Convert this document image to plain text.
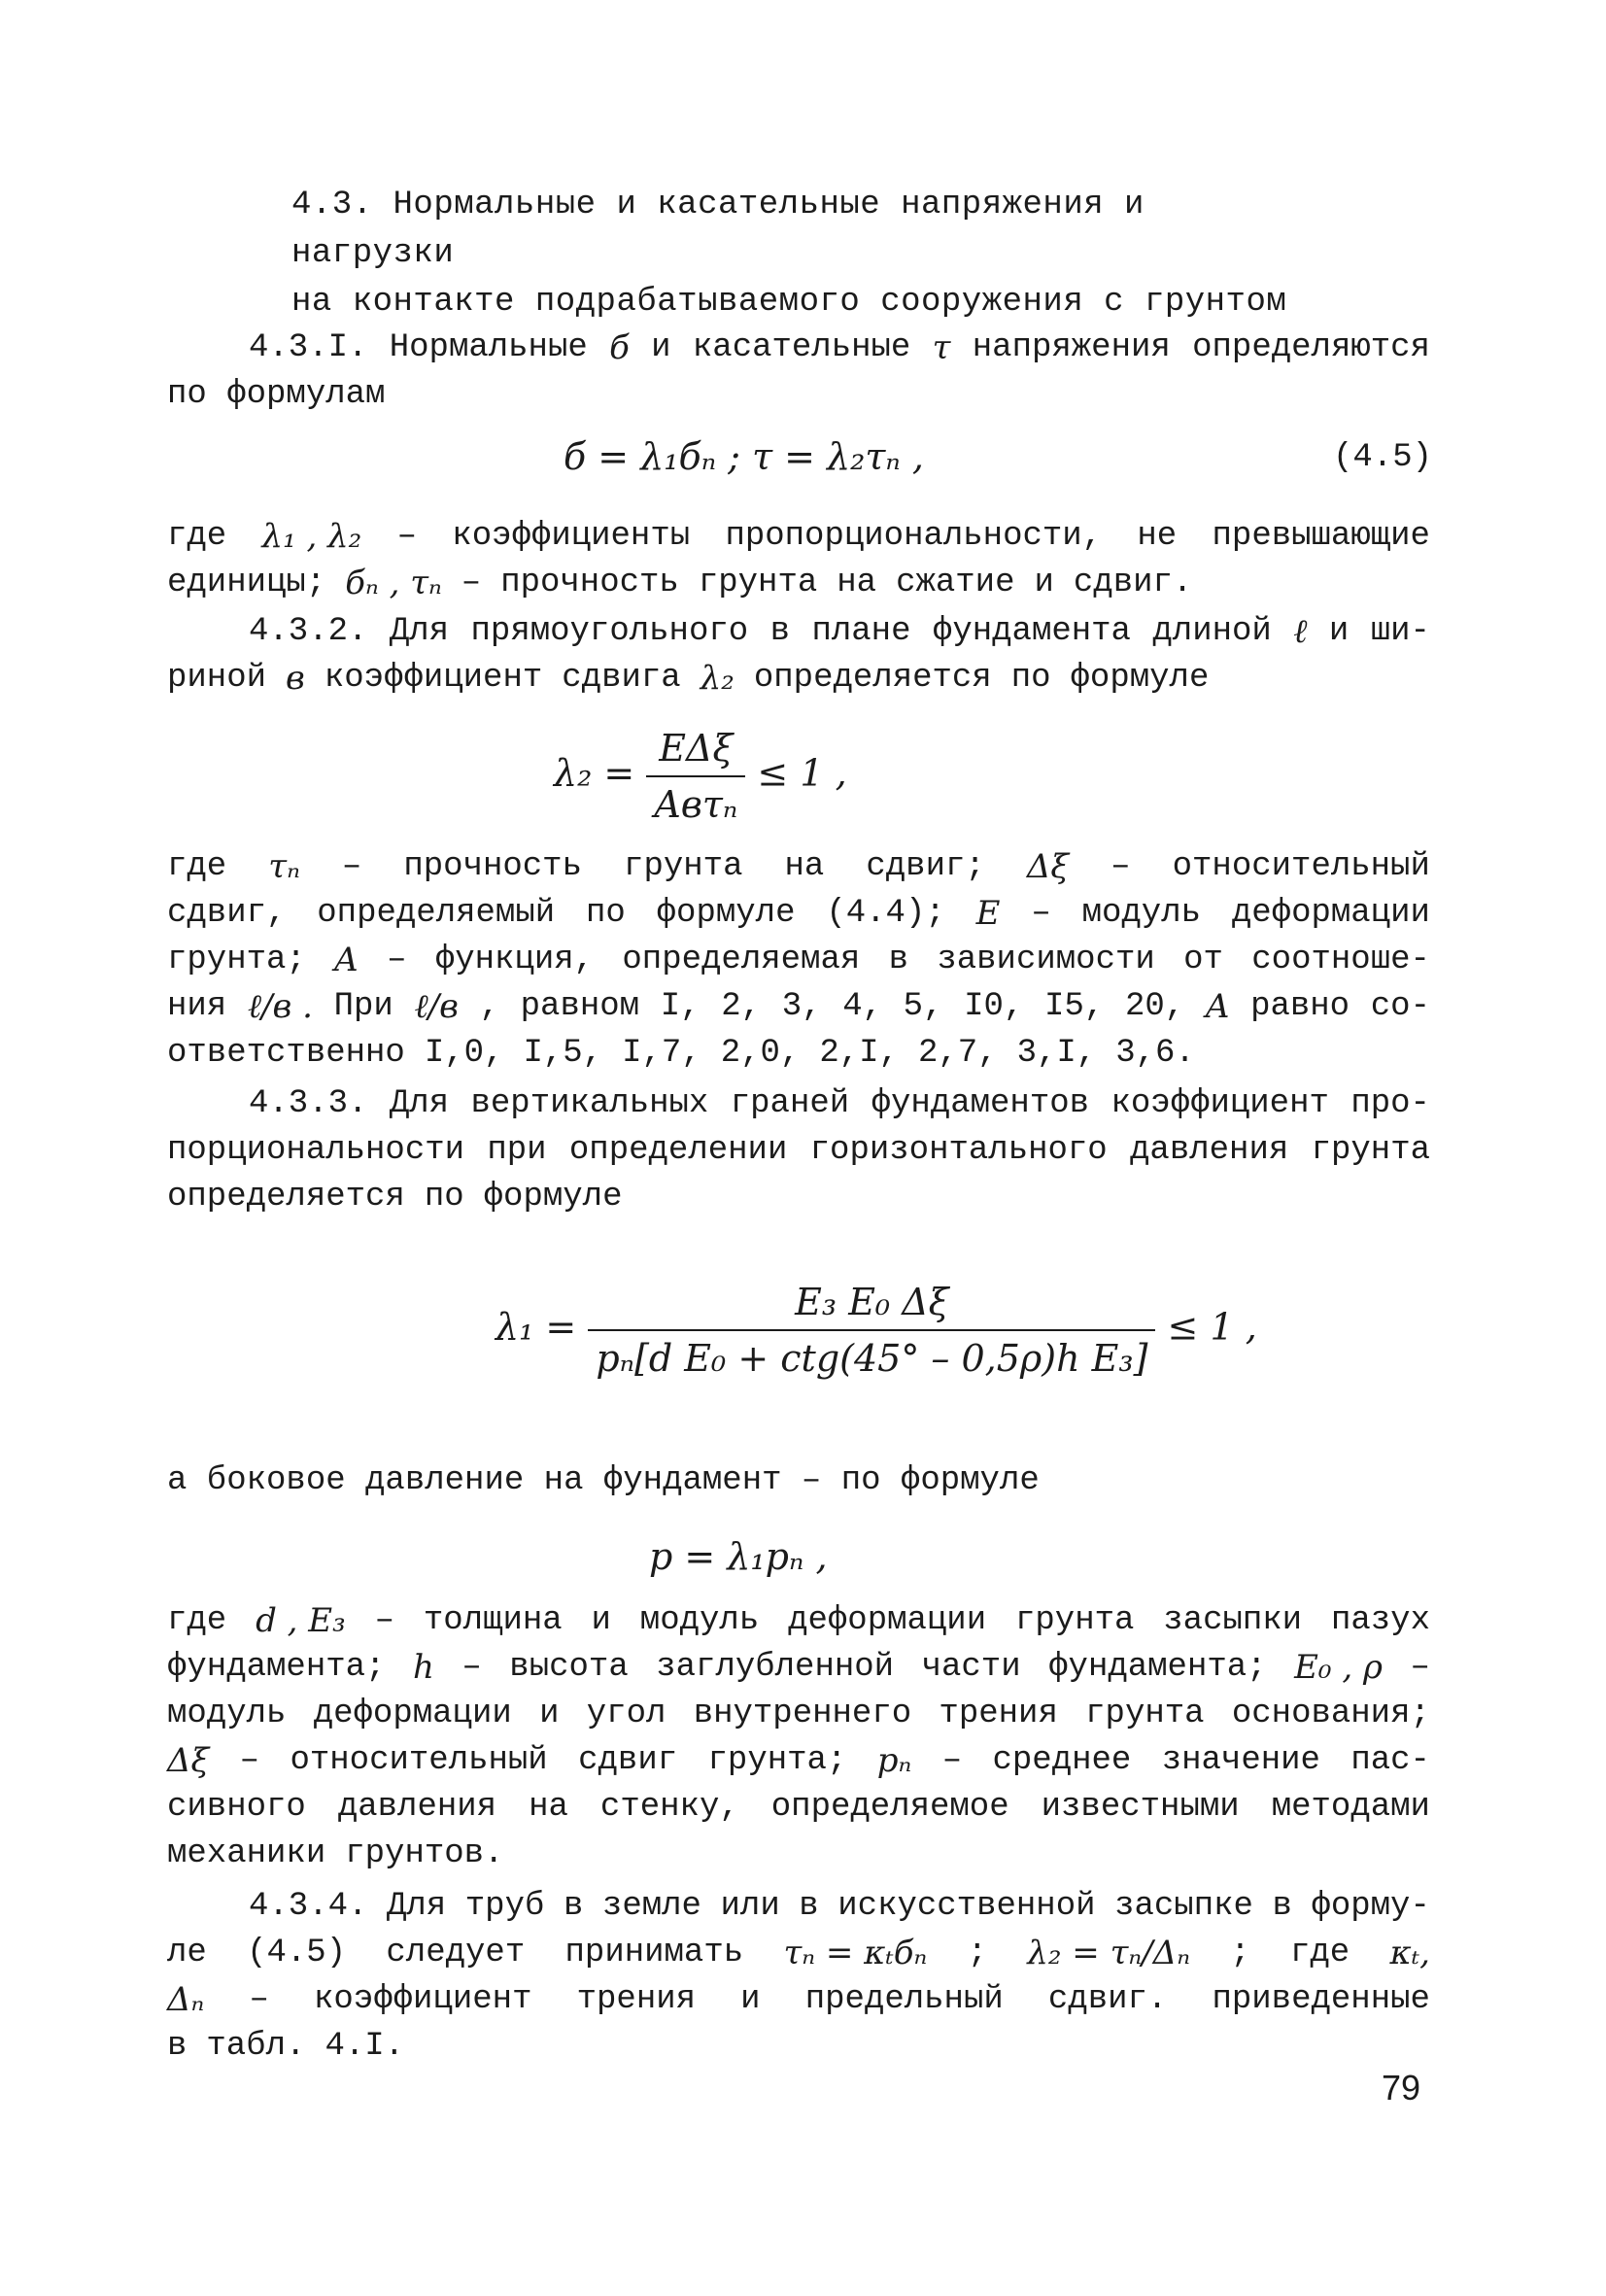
4.3. Нормальные и касательные напряжения и нагрузки
на контакте подрабатываемого сооружения с грунтом
4.3.I. Нормальные б и касательные τ напряжения определяются
по формулам
б = λ₁бₙ ; τ = λ₂τₙ ,	(4.5)
где λ₁ , λ₂ – коэффициенты пропорциональности, не превышающие
единицы; бₙ , τₙ – прочность грунта на сжатие и сдвиг.
4.3.2. Для прямоугольного в плане фундамента длиной ℓ и ши-
риной в коэффициент сдвига λ₂ определяется по формуле
$\lambda_2 = \frac{\text{EΔξ}}{\text{Aвτₙ}} \le 1$ ,
где τₙ – прочность грунта на сдвиг; Δξ – относительный
сдвиг, определяемый по формуле (4.4); E – модуль деформации
грунта; A – функция, определяемая в зависимости от соотноше-
ния ℓ/в . При ℓ/в , равном I, 2, 3, 4, 5, I0, I5, 20, A равно со-
ответственно I,0, I,5, I,7, 2,0, 2,I, 2,7, 3,I, 3,6.
4.3.3. Для вертикальных граней фундаментов коэффициент про-
порциональности при определении горизонтального давления грунта
определяется по формуле
$\lambda_1 = \frac{\text{E₃ E₀ Δξ}}{\text{pₙ[d E₀ + ctg(45° – 0,5ρ)h E₃]}} \le 1$ ,
а боковое давление на фундамент – по формуле
p = λ₁pₙ ,
где d , E₃ – толщина и модуль деформации грунта засыпки пазух
фундамента; h – высота заглубленной части фундамента; E₀ , ρ –
модуль деформации и угол внутреннего трения грунта основания;
Δξ – относительный сдвиг грунта; pₙ – среднее значение пас-
сивного давления на стенку, определяемое известными методами
механики грунтов.
4.3.4. Для труб в земле или в искусственной засыпке в форму-
ле (4.5) следует принимать τₙ = κₜбₙ ; λ₂ = τₙ/Δₙ ; где κₜ,
Δₙ – коэффициент трения и предельный сдвиг. приведенные
в табл. 4.I.
79
